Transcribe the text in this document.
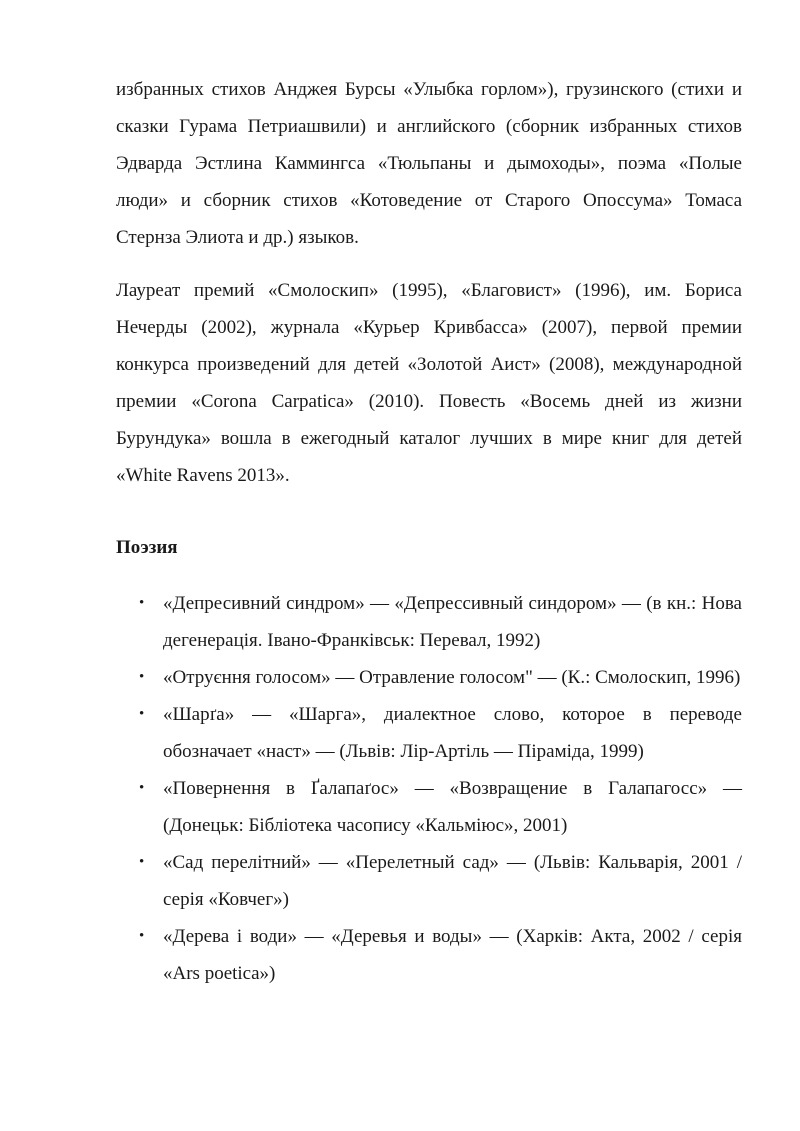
избранных стихов Анджея Бурсы «Улыбка горлом»), грузинского (стихи и сказки Гурама Петриашвили) и английского (сборник избранных стихов Эдварда Эстлина Каммингса «Тюльпаны и дымоходы», поэма «Полые люди» и сборник стихов «Котоведение от Старого Опоссума» Томаса Стернза Элиота и др.) языков.

Лауреат премий «Смолоскип» (1995), «Благовист» (1996), им. Бориса Нечерды (2002), журнала «Курьер Кривбасса» (2007), первой премии конкурса произведений для детей «Золотой Аист» (2008), международной премии «Corona Carpatica» (2010). Повесть «Восемь дней из жизни Бурундука» вошла в ежегодный каталог лучших в мире книг для детей «White Ravens 2013».

Поэзия
• «Депресивний синдром» — «Депрессивный синдором» — (в кн.: Нова дегенерація. Івано-Франківськ: Перевал, 1992)
• «Отруєння голосом» — Отравление голосом" — (К.: Смолоскип, 1996)
• «Шарґа» — «Шарга», диалектное слово, которое в переводе обозначает «наст» — (Львів: Лір-Артіль — Піраміда, 1999)
• «Повернення в Ґалапаґос» — «Возвращение в Галапагосс» — (Донецьк: Бібліотека часопису «Кальміюс», 2001)
• «Сад перелітний» — «Перелетный сад» — (Львів: Кальварія, 2001 / серія «Ковчег»)
• «Дерева і води» — «Деревья и воды» — (Харків: Акта, 2002 / серія «Ars poetica»)
